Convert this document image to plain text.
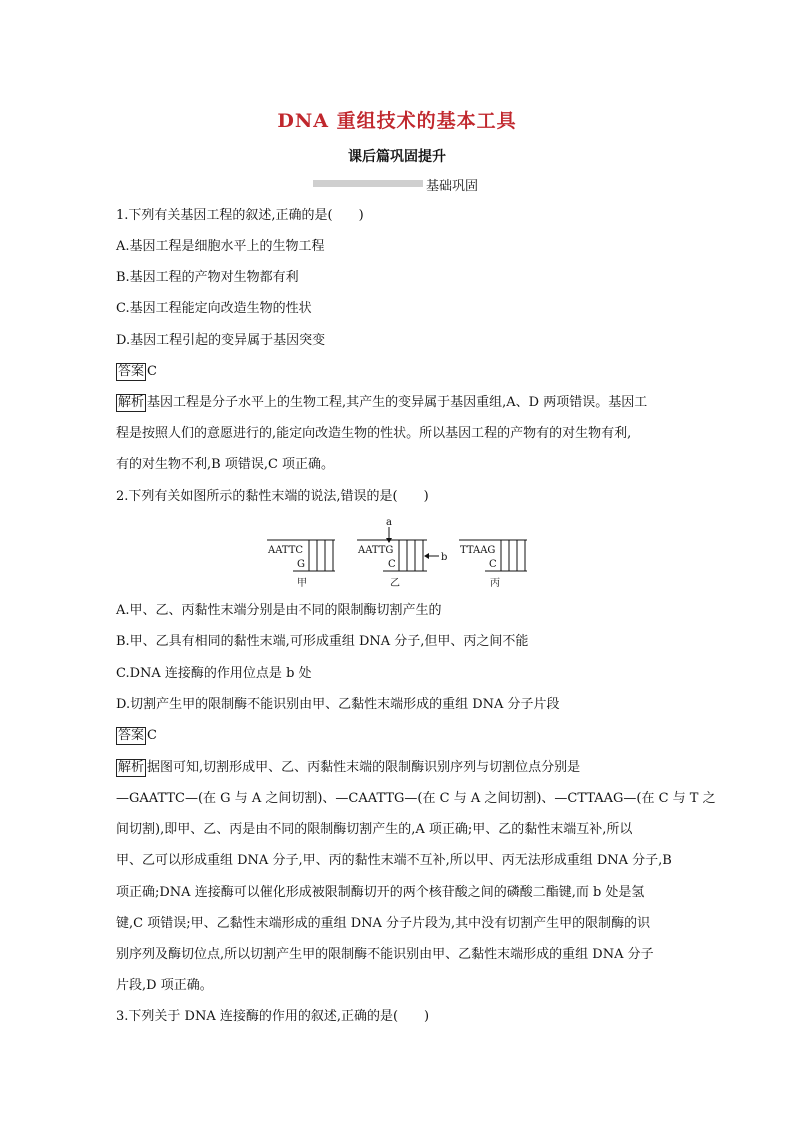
DNA 重组技术的基本工具
课后篇巩固提升
基础巩固
1.下列有关基因工程的叙述,正确的是(　　)
A.基因工程是细胞水平上的生物工程
B.基因工程的产物对生物都有利
C.基因工程能定向改造生物的性状
D.基因工程引起的变异属于基因突变
答案 C
解析 基因工程是分子水平上的生物工程,其产生的变异属于基因重组,A、D 两项错误。基因工
程是按照人们的意愿进行的,能定向改造生物的性状。所以基因工程的产物有的对生物有利,
有的对生物不利,B 项错误,C 项正确。
2.下列有关如图所示的黏性末端的说法,错误的是(　　)
AATTC
G
甲
AATTG
C
乙
a
b
TTAAG
C
丙
A.甲、乙、丙黏性末端分别是由不同的限制酶切割产生的
B.甲、乙具有相同的黏性末端,可形成重组 DNA 分子,但甲、丙之间不能
C.DNA 连接酶的作用位点是 b 处
D.切割产生甲的限制酶不能识别由甲、乙黏性末端形成的重组 DNA 分子片段
答案 C
解析 据图可知,切割形成甲、乙、丙黏性末端的限制酶识别序列与切割位点分别是
—GAATTC—(在 G 与 A 之间切割)、—CAATTG—(在 C 与 A 之间切割)、—CTTAAG—(在 C 与 T 之
间切割),即甲、乙、丙是由不同的限制酶切割产生的,A 项正确;甲、乙的黏性末端互补,所以
甲、乙可以形成重组 DNA 分子,甲、丙的黏性末端不互补,所以甲、丙无法形成重组 DNA 分子,B
项正确;DNA 连接酶可以催化形成被限制酶切开的两个核苷酸之间的磷酸二酯键,而 b 处是氢
键,C 项错误;甲、乙黏性末端形成的重组 DNA 分子片段为,其中没有切割产生甲的限制酶的识
别序列及酶切位点,所以切割产生甲的限制酶不能识别由甲、乙黏性末端形成的重组 DNA 分子
片段,D 项正确。
3.下列关于 DNA 连接酶的作用的叙述,正确的是(　　)
